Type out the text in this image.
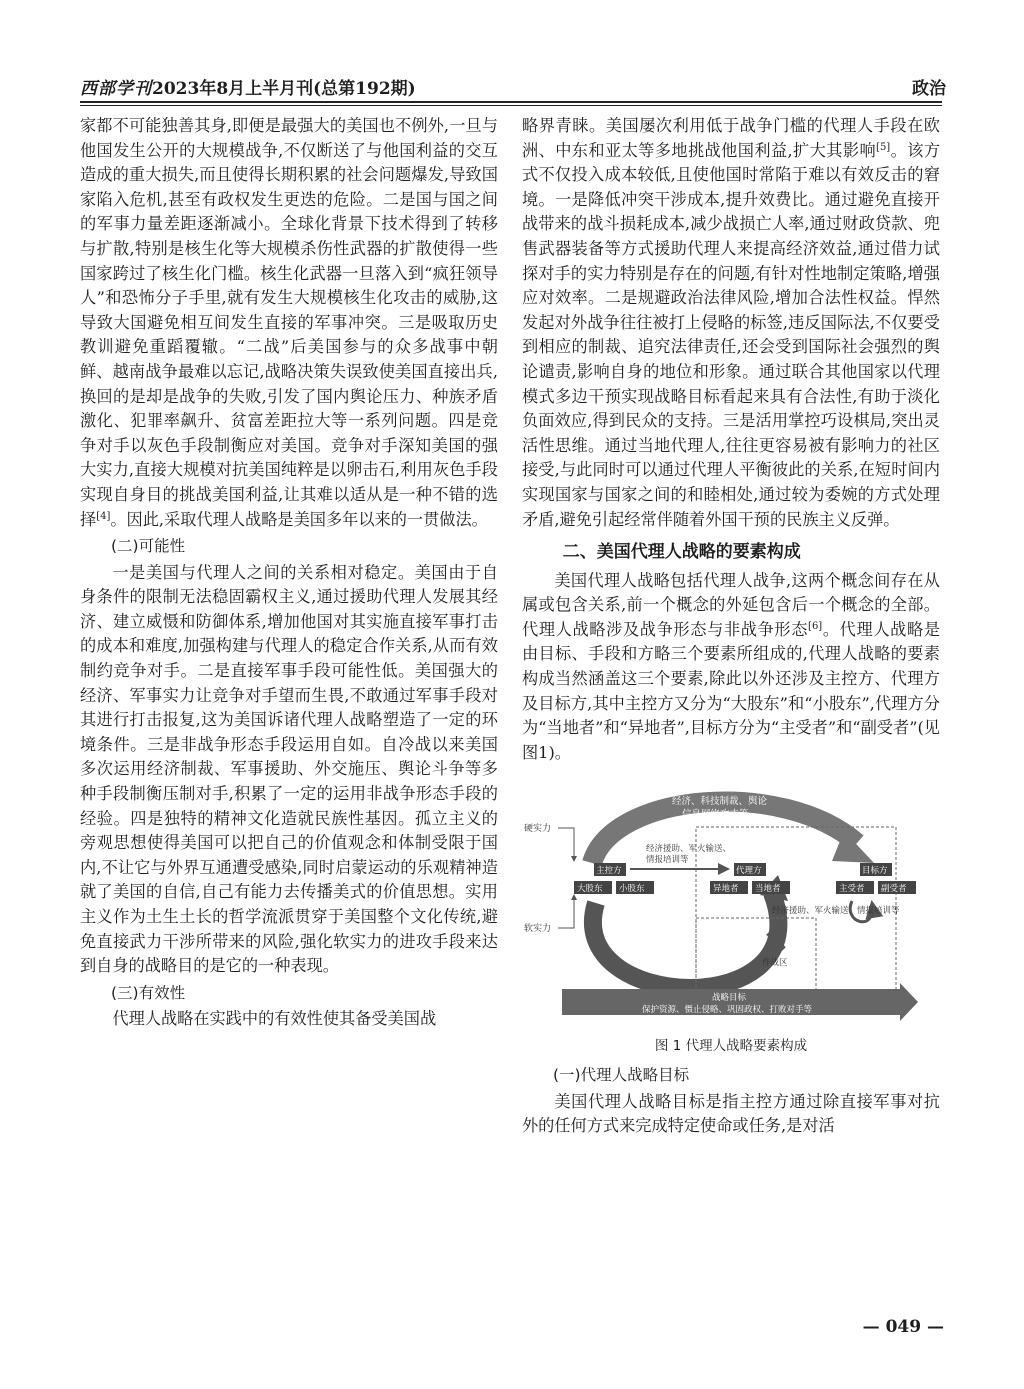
西部学刊2023年8月上半月刊(总第192期)	政治

家都不可能独善其身,即便是最强大的美国也不例外,一旦与他国发生公开的大规模战争,不仅断送了与他国利益的交互造成的重大损失,而且使得长期积累的社会问题爆发,导致国家陷入危机,甚至有政权发生更迭的危险。二是国与国之间的军事力量差距逐渐减小。全球化背景下技术得到了转移与扩散,特别是核生化等大规模杀伤性武器的扩散使得一些国家跨过了核生化门槛。核生化武器一旦落入到“疯狂领导人”和恐怖分子手里,就有发生大规模核生化攻击的威胁,这导致大国避免相互间发生直接的军事冲突。三是吸取历史教训避免重蹈覆辙。“二战”后美国参与的众多战事中朝鲜、越南战争最难以忘记,战略决策失误致使美国直接出兵,换回的是却是战争的失败,引发了国内舆论压力、种族矛盾激化、犯罪率飙升、贫富差距拉大等一系列问题。四是竞争对手以灰色手段制衡应对美国。竞争对手深知美国的强大实力,直接大规模对抗美国纯粹是以卵击石,利用灰色手段实现自身目的挑战美国利益,让其难以适从是一种不错的选择[4]。因此,采取代理人战略是美国多年以来的一贯做法。

(二)可能性

一是美国与代理人之间的关系相对稳定。美国由于自身条件的限制无法稳固霸权主义,通过援助代理人发展其经济、建立威慑和防御体系,增加他国对其实施直接军事打击的成本和难度,加强构建与代理人的稳定合作关系,从而有效制约竞争对手。二是直接军事手段可能性低。美国强大的经济、军事实力让竞争对手望而生畏,不敢通过军事手段对其进行打击报复,这为美国诉诸代理人战略塑造了一定的环境条件。三是非战争形态手段运用自如。自冷战以来美国多次运用经济制裁、军事援助、外交施压、舆论斗争等多种手段制衡压制对手,积累了一定的运用非战争形态手段的经验。四是独特的精神文化造就民族性基因。孤立主义的旁观思想使得美国可以把自己的价值观念和体制受限于国内,不让它与外界互通遭受感染,同时启蒙运动的乐观精神造就了美国的自信,自己有能力去传播美式的价值思想。实用主义作为土生土长的哲学流派贯穿于美国整个文化传统,避免直接武力干涉所带来的风险,强化软实力的进攻手段来达到自身的战略目的是它的一种表现。

(三)有效性

代理人战略在实践中的有效性使其备受美国战

略界青睐。美国屡次利用低于战争门槛的代理人手段在欧洲、中东和亚太等多地挑战他国利益,扩大其影响[5]。该方式不仅投入成本较低,且使他国时常陷于难以有效反击的窘境。一是降低冲突干涉成本,提升效费比。通过避免直接开战带来的战斗损耗成本,减少战损亡人率,通过财政贷款、兜售武器装备等方式援助代理人来提高经济效益,通过借力试探对手的实力特别是存在的问题,有针对性地制定策略,增强应对效率。二是规避政治法律风险,增加合法性权益。悍然发起对外战争往往被打上侵略的标签,违反国际法,不仅要受到相应的制裁、追究法律责任,还会受到国际社会强烈的舆论谴责,影响自身的地位和形象。通过联合其他国家以代理模式多边干预实现战略目标看起来具有合法性,有助于淡化负面效应,得到民众的支持。三是活用掌控巧设棋局,突出灵活性思维。通过当地代理人,往往更容易被有影响力的社区接受,与此同时可以通过代理人平衡彼此的关系,在短时间内实现国家与国家之间的和睦相处,通过较为委婉的方式处理矛盾,避免引起经常伴随着外国干预的民族主义反弹。

二、美国代理人战略的要素构成

美国代理人战略包括代理人战争,这两个概念间存在从属或包含关系,前一个概念的外延包含后一个概念的全部。代理人战略涉及战争形态与非战争形态[6]。代理人战略是由目标、手段和方略三个要素所组成的,代理人战略的要素构成当然涵盖这三个要素,除此以外还涉及主控方、代理方及目标方,其中主控方又分为“大股东”和“小股东”,代理方分为“当地者”和“异地者”,目标方分为“主受者”和“副受者”(见图1)。

硬实力
软实力
经济、科技制裁、舆论
信息网络攻击等
经济、科技制裁、舆论信息网络攻击等
主控方
大股东 小股东
经济援助、军火输送、
情报培训等
代理方
异地者 当地者
目标方
主受者 副受者
经济援助、军火输送、情报培训等
扶植代理人
雇佣军
志愿军等	作战区
战略目标
保护资源、慑止侵略、巩固政权、打败对手等

图 1 代理人战略要素构成

(一)代理人战略目标

美国代理人战略目标是指主控方通过除直接军事对抗外的任何方式来完成特定使命或任务,是对活

— 049 —
